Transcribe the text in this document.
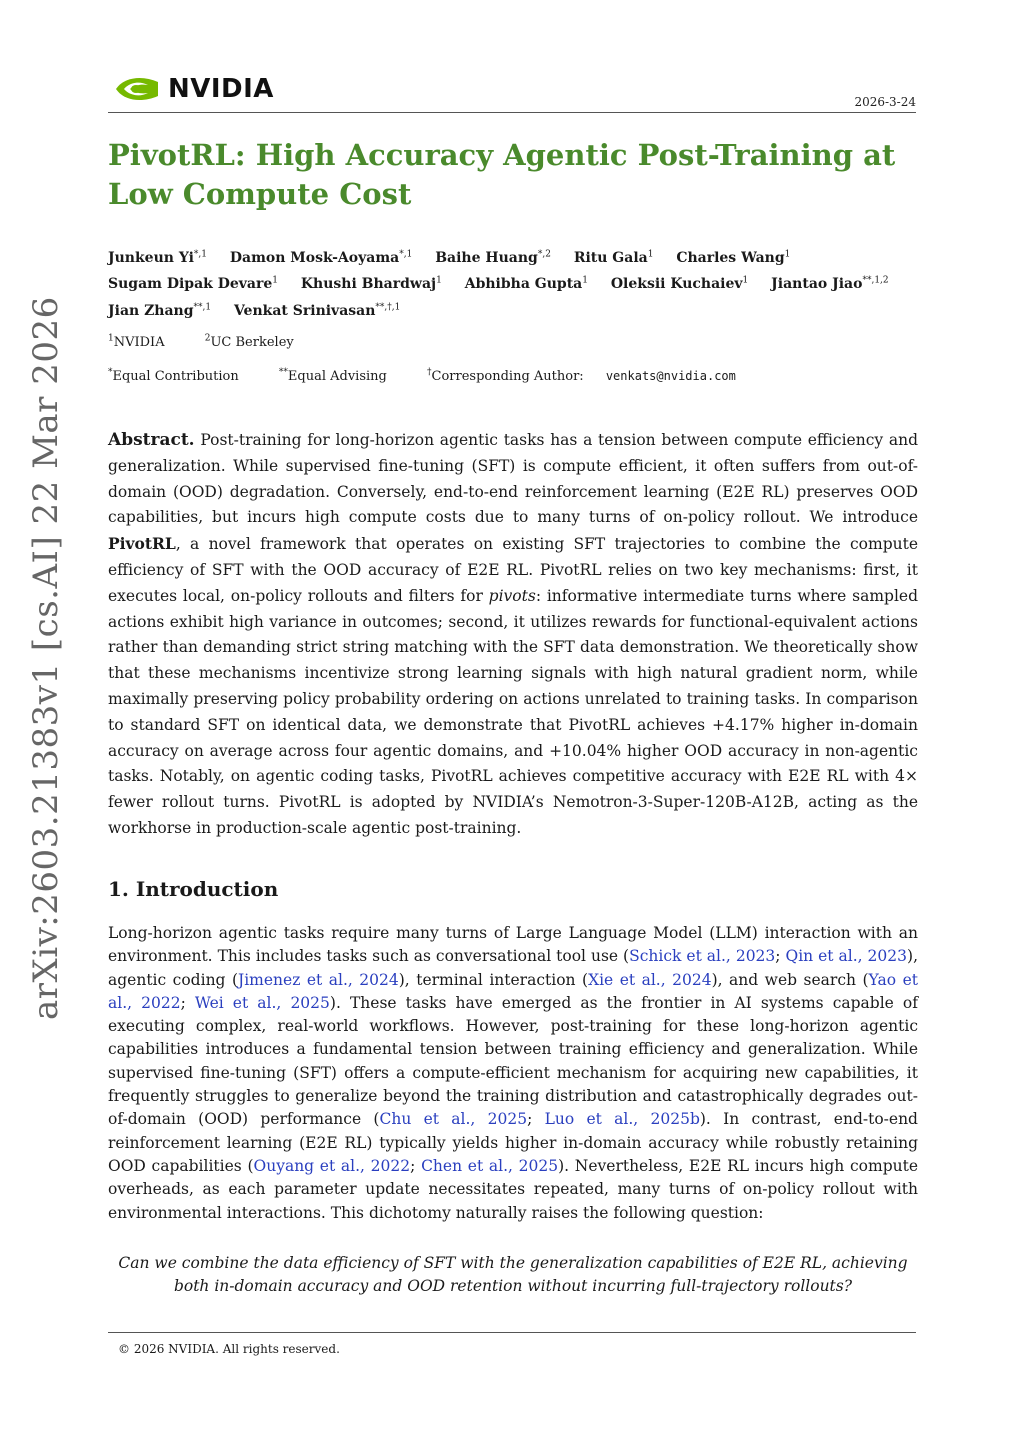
NVIDIA	2026-3-24
PivotRL: High Accuracy Agentic Post-Training at Low Compute Cost
Junkeun $Yi^{*,1}$ Damon Mosk-Aoyama$^{*,1}$ Baihe Huang$^{*,2}$ Ritu Gala$^1$ Charles Wang$^1$ Sugam Dipak Devare$^1$ Khushi Bhardwaj$^1$ Abhibha Gupta$^1$ Oleksii Kuchaiev$^1$ Jiantao Jiao$^{**,1,2}$ Jian Zhang$^{**,1}$ Venkat Srinivasan$^{**,\dagger,1}$
$^1$NVIDIA	$^2$UC Berkeley
*Equal Contribution	**Equal Advising	†Corresponding Author: venkats@nvidia.com
arXiv:2603.21383v1 [cs.AI] 22 Mar 2026 Abstract. Post-training for long-horizon agentic tasks has a tension between compute efficiency and generalization. While supervised fine-tuning (SFT) is compute efficient, it often suffers from out-of-domain (OOD) degradation. Conversely, end-to-end reinforcement learning (E2E RL) preserves OOD capabilities, but incurs high compute costs due to many turns of on-policy rollout. We introduce PivotRL, a novel framework that operates on existing SFT trajectories to combine the compute efficiency of SFT with the OOD accuracy of E2E RL. PivotRL relies on two key mechanisms: first, it executes local, on-policy rollouts and filters for pivots: informative intermediate turns where sampled actions exhibit high variance in outcomes; second, it utilizes rewards for functional-equivalent actions rather than demanding strict string matching with the SFT data demonstration. We theoretically show that these mechanisms incentivize strong learning signals with high natural gradient norm, while maximally preserving policy probability ordering on actions unrelated to training tasks. In comparison to standard SFT on identical data, we demonstrate that PivotRL achieves +4.17% higher in-domain accuracy on average across four agentic domains, and +10.04% higher OOD accuracy in non-agentic tasks. Notably, on agentic coding tasks, PivotRL achieves competitive accuracy with E2E RL with 4× fewer rollout turns. PivotRL is adopted by NVIDIA’s Nemotron-3-Super-120B-A12B, acting as the workhorse in production-scale agentic post-training.
1. Introduction
Long-horizon agentic tasks require many turns of Large Language Model (LLM) interaction with an environment. This includes tasks such as conversational tool use (Schick et al., 2023; Qin et al., 2023), agentic coding (Jimenez et al., 2024), terminal interaction (Xie et al., 2024), and web search (Yao et al., 2022; Wei et al., 2025). These tasks have emerged as the frontier in AI systems capable of executing complex, real-world workflows. However, post-training for these long-horizon agentic capabilities introduces a fundamental tension between training efficiency and generalization. While supervised fine-tuning (SFT) offers a compute-efficient mechanism for acquiring new capabilities, it frequently struggles to generalize beyond the training distribution and catastrophically degrades out-of-domain (OOD) performance (Chu et al., 2025; Luo et al., 2025b). In contrast, end-to-end reinforcement learning (E2E RL) typically yields higher in-domain accuracy while robustly retaining OOD capabilities (Ouyang et al., 2022; Chen et al., 2025). Nevertheless, E2E RL incurs high compute overheads, as each parameter update necessitates repeated, many turns of on-policy rollout with environmental interactions. This dichotomy naturally raises the following question:
Can we combine the data efficiency of SFT with the generalization capabilities of E2E RL, achieving both in-domain accuracy and OOD retention without incurring full-trajectory rollouts?
© 2026 NVIDIA. All rights reserved.
